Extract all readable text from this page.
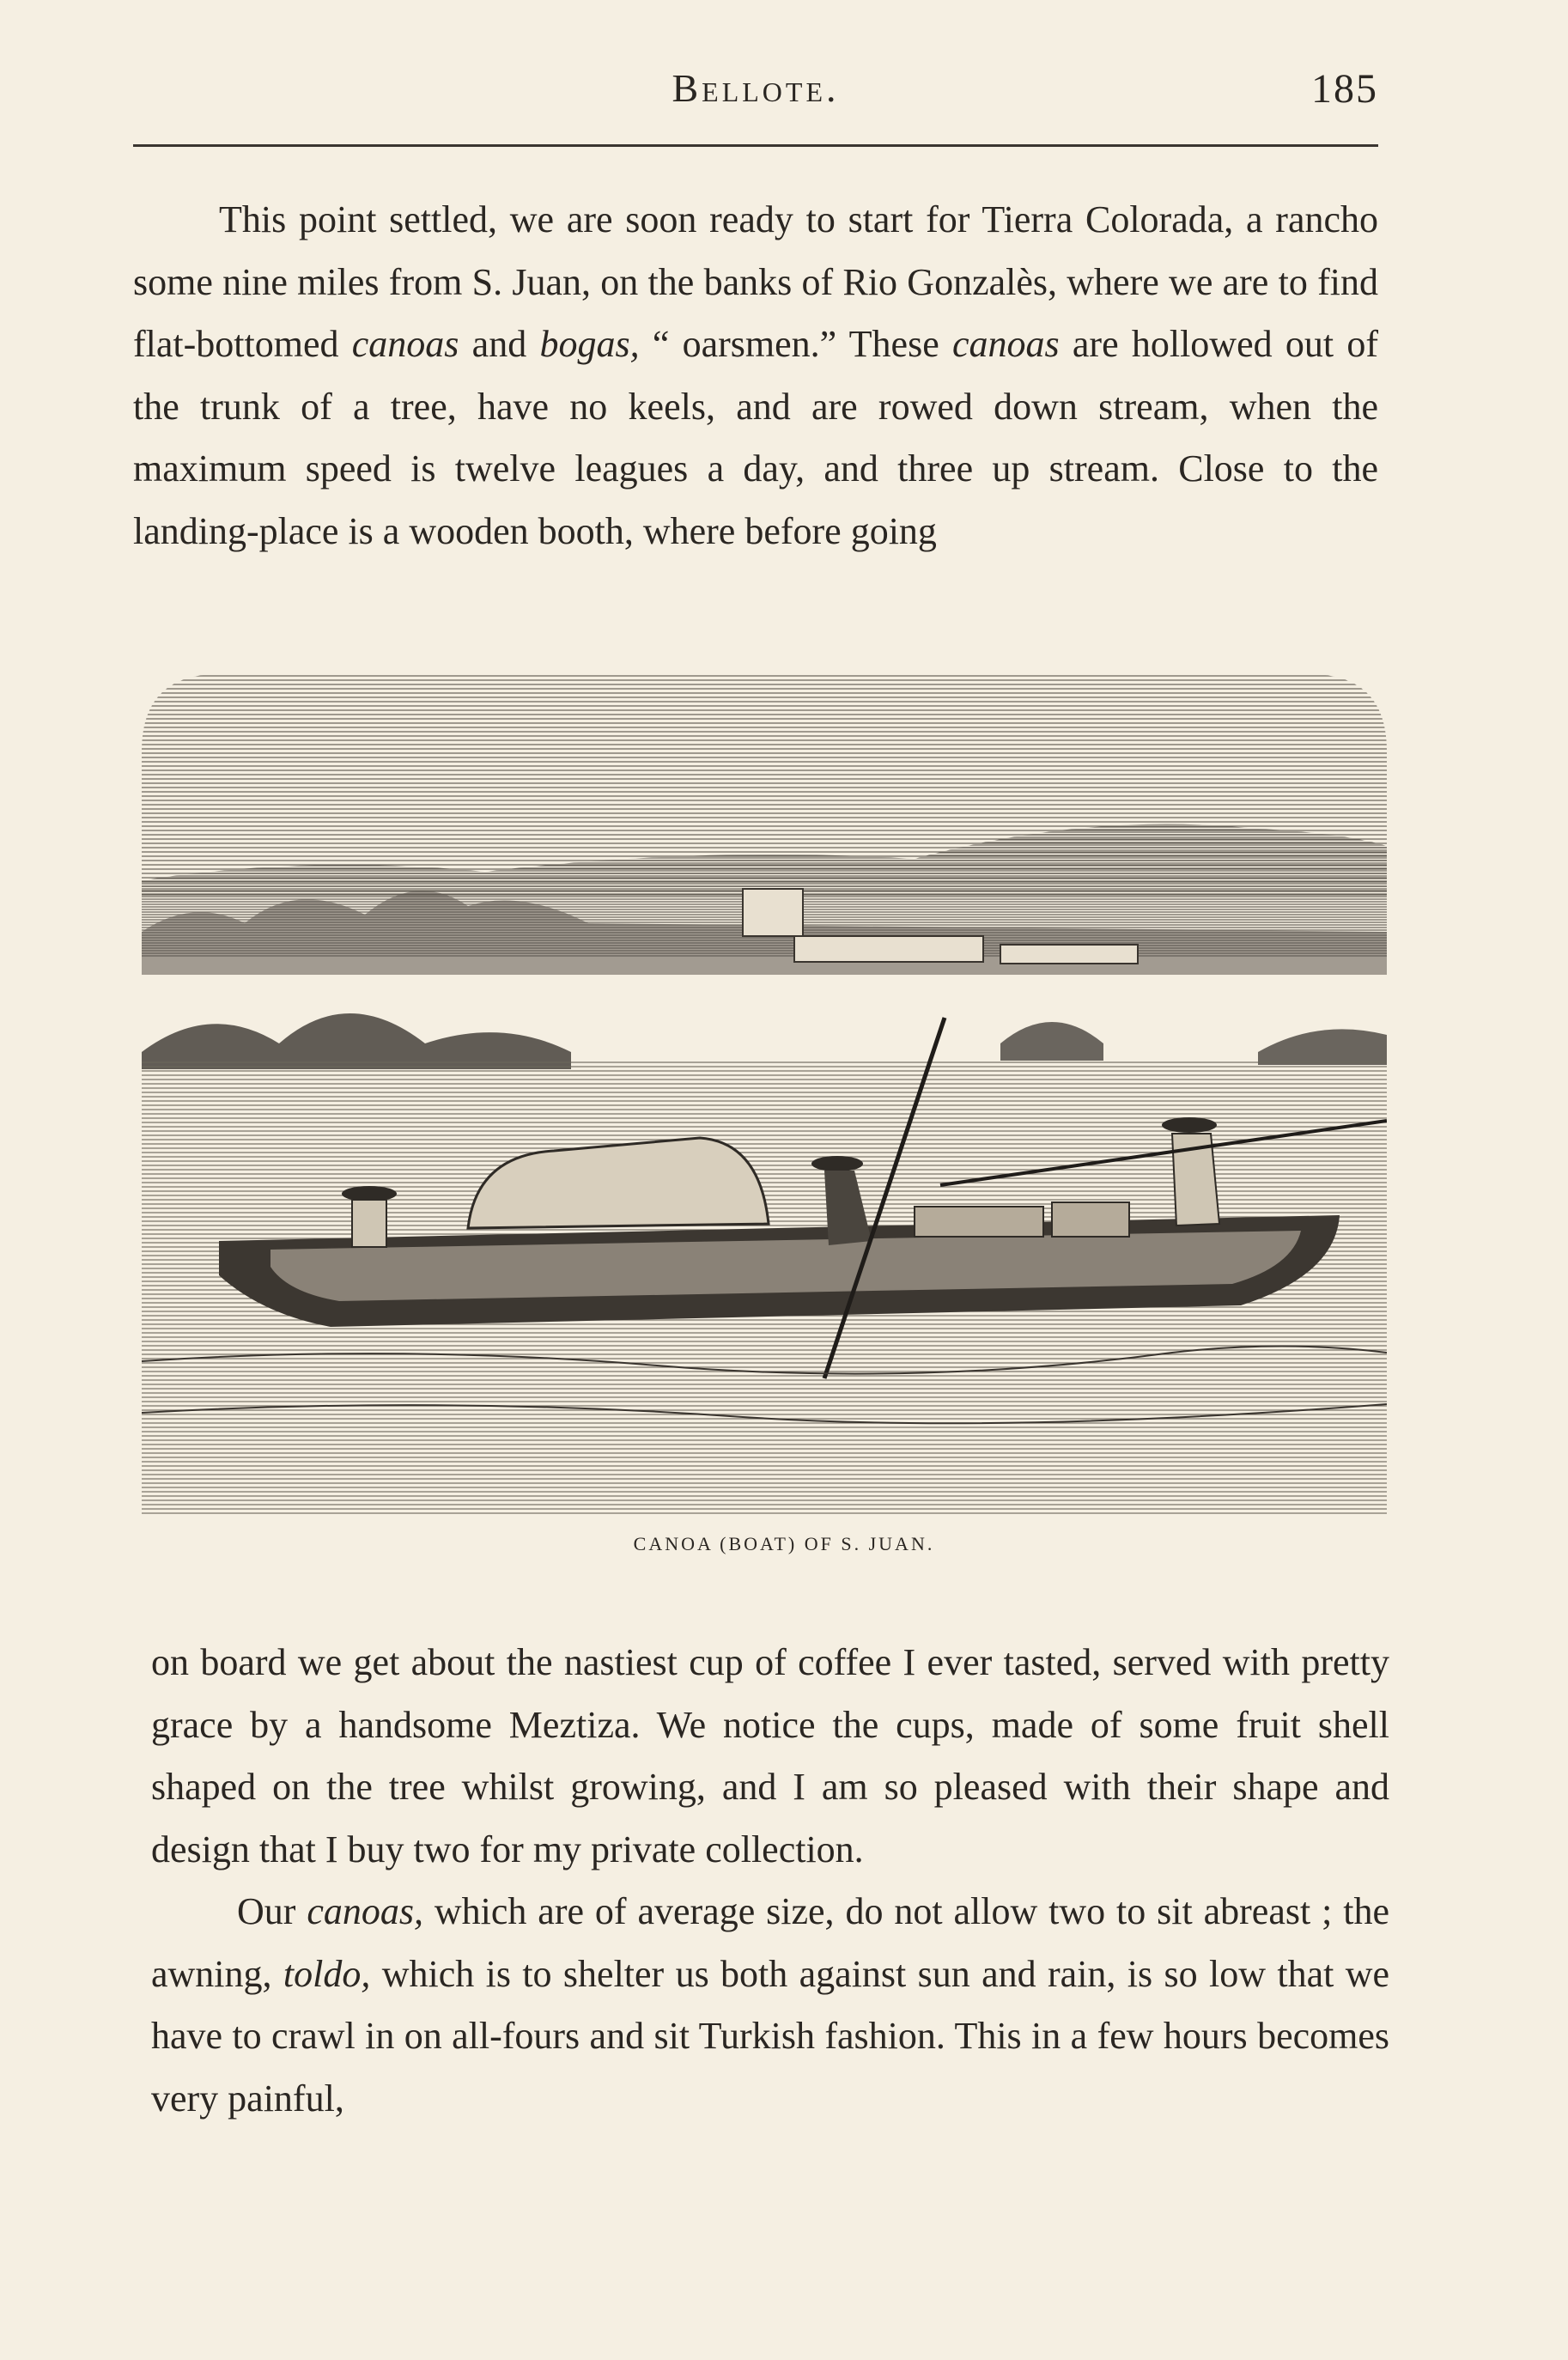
Bellote.	185

This point settled, we are soon ready to start for Tierra Colorada, a rancho some nine miles from S. Juan, on the banks of Rio Gonzalès, where we are to find flat-bottomed canoas and bogas, “ oarsmen.” These canoas are hollowed out of the trunk of a tree, have no keels, and are rowed down stream, when the maximum speed is twelve leagues a day, and three up stream. Close to the landing-place is a wooden booth, where before going

CANOA (BOAT) OF S. JUAN.

on board we get about the nastiest cup of coffee I ever tasted, served with pretty grace by a handsome Meztiza. We notice the cups, made of some fruit shell shaped on the tree whilst growing, and I am so pleased with their shape and design that I buy two for my private collection.

Our canoas, which are of average size, do not allow two to sit abreast ; the awning, toldo, which is to shelter us both against sun and rain, is so low that we have to crawl in on all-fours and sit Turkish fashion. This in a few hours becomes very painful,
